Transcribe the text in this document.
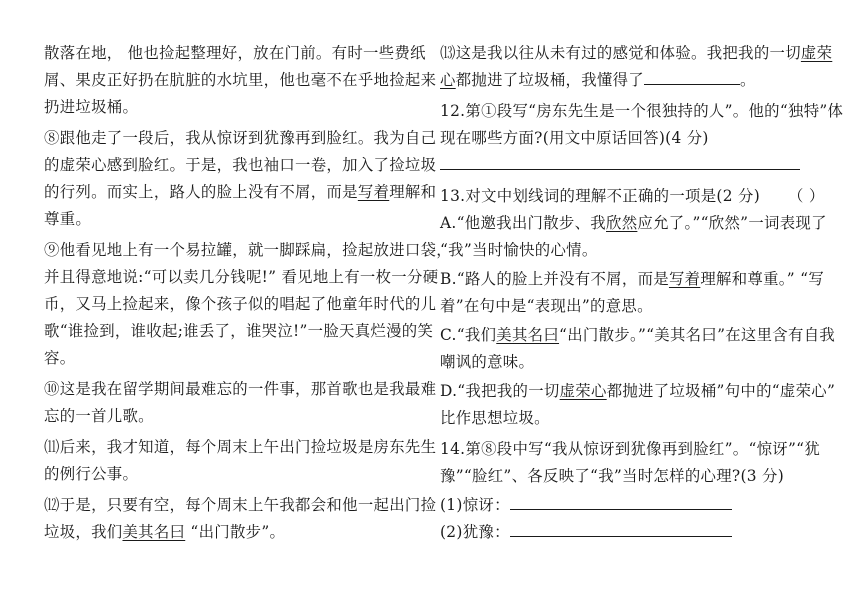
散落在地， 他也捡起整理好，放在门前。有时一些费纸
屑、果皮正好扔在肮脏的水坑里，他也毫不在乎地捡起来
扔进垃圾桶。
⑧跟他走了一段后，我从惊讶到犹豫再到脸红。我为自己
的虚荣心感到脸红。于是，我也袖口一卷，加入了捡垃圾
的行列。而实上，路人的脸上没有不屑，而是写着理解和
尊重。
⑨他看见地上有一个易拉罐，就一脚踩扁，捡起放进口袋，
并且得意地说:“可以卖几分钱呢!” 看见地上有一枚一分硬
币，又马上捡起来，像个孩子似的唱起了他童年时代的儿
歌“谁捡到，谁收起;谁丢了，谁哭泣!”一脸天真烂漫的笑
容。
⑩这是我在留学期间最难忘的一件事，那首歌也是我最难
忘的一首儿歌。
⑾后来，我才知道，每个周末上午出门捡垃圾是房东先生
的例行公事。
⑿于是，只要有空，每个周末上午我都会和他一起出门捡
垃圾，我们美其名曰 “出门散步”。
⒀这是我以往从未有过的感觉和体验。我把我的一切虚荣
心都抛进了垃圾桶，我懂得了	。
12.第①段写“房东先生是一个很独持的人”。他的“独特”体
现在哪些方面?(用文中原话回答)(4 分)
13.对文中划线词的理解不正确的一项是(2 分) （ ）
A.“他邀我出门散步、我欣然应允了。”“欣然”一词表现了
“我”当时愉快的心情。
B.“路人的脸上并没有不屑，而是写着理解和尊重。” “写
着”在句中是“表现出”的意思。
C.“我们美其名曰“出门散步。”“美其名曰”在这里含有自我
嘲讽的意味。
D.“我把我的一切虚荣心都抛进了垃圾桶”句中的“虚荣心”
比作思想垃圾。
14.第⑧段中写“我从惊讶到犹像再到脸红”。“惊讶”“犹
豫”“脸红”、各反映了“我”当时怎样的心理?(3 分)
(1)惊讶：
(2)犹豫：
